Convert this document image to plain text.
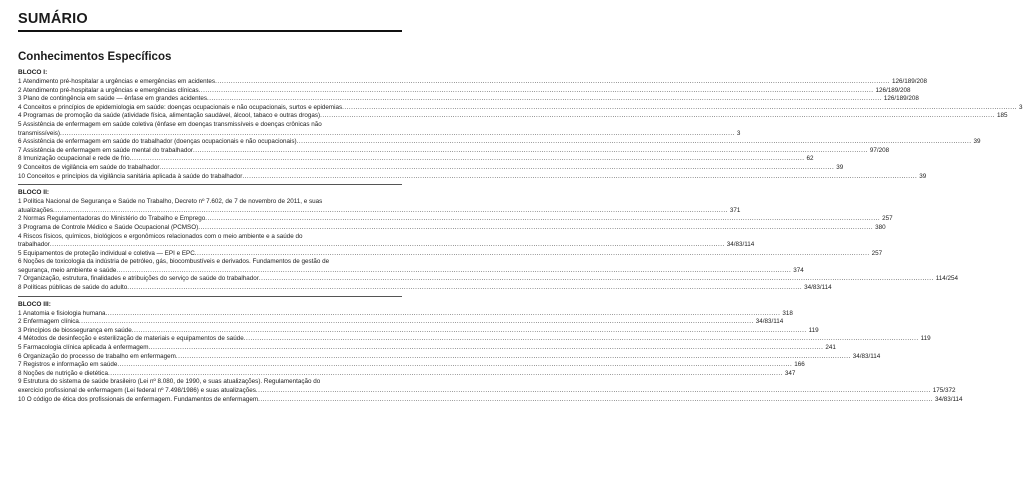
SUMÁRIO
Conhecimentos Específicos
BLOCO I:
1 Atendimento pré-hospitalar a urgências e emergências em acidentes ............................................................................................................................................................................................................................................................................................................ 126/189/208
2 Atendimento pré-hospitalar a urgências e emergências clínicas ............................................................................................................................................................................................................................................................................................................ 126/189/208
3 Plano de contingência em saúde — ênfase em grandes acidentes ............................................................................................................................................................................................................................................................................................................ 126/189/208
4 Conceitos e princípios de epidemiologia em saúde: doenças ocupacionais e não ocupacionais, surtos e epidemias ............................................................................................................................................................................................................................................................................................................ 3
4 Programas de promoção da saúde (atividade física, alimentação saudável, álcool, tabaco e outras drogas) ............................................................................................................................................................................................................................................................................................................ 185
5 Assistência de enfermagem em saúde coletiva (ênfase em doenças transmissíveis e doenças crônicas não
transmissíveis) ............................................................................................................................................................................................................................................................................................................ 3
6 Assistência de enfermagem em saúde do trabalhador (doenças ocupacionais e não ocupacionais) ............................................................................................................................................................................................................................................................................................................ 39
7 Assistência de enfermagem em saúde mental do trabalhador ............................................................................................................................................................................................................................................................................................................ 97/208
8 Imunização ocupacional e rede de frio ............................................................................................................................................................................................................................................................................................................ 62
9 Conceitos de vigilância em saúde do trabalhador ............................................................................................................................................................................................................................................................................................................ 39
10 Conceitos e princípios da vigilância sanitária aplicada à saúde do trabalhador ............................................................................................................................................................................................................................................................................................................ 39
BLOCO II:
1 Política Nacional de Segurança e Saúde no Trabalho, Decreto nº 7.602, de 7 de novembro de 2011, e suas
atualizações ............................................................................................................................................................................................................................................................................................................ 371
2 Normas Regulamentadoras do Ministério do Trabalho e Emprego ............................................................................................................................................................................................................................................................................................................ 257
3 Programa de Controle Médico e Saúde Ocupacional (PCMSO) ............................................................................................................................................................................................................................................................................................................ 380
4 Riscos físicos, químicos, biológicos e ergonômicos relacionados com o meio ambiente e a saúde do
trabalhador ............................................................................................................................................................................................................................................................................................................ 34/83/114
5 Equipamentos de proteção individual e coletiva — EPI e EPC ............................................................................................................................................................................................................................................................................................................ 257
6 Noções de toxicologia da indústria de petróleo, gás, biocombustíveis e derivados. Fundamentos de gestão de
segurança, meio ambiente e saúde ............................................................................................................................................................................................................................................................................................................ 374
7 Organização, estrutura, finalidades e atribuições do serviço de saúde do trabalhador ............................................................................................................................................................................................................................................................................................................ 114/254
8 Políticas públicas de saúde do adulto ............................................................................................................................................................................................................................................................................................................ 34/83/114
BLOCO III:
1 Anatomia e fisiologia humana ............................................................................................................................................................................................................................................................................................................ 318
2 Enfermagem clínica ............................................................................................................................................................................................................................................................................................................ 34/83/114
3 Princípios de biossegurança em saúde ............................................................................................................................................................................................................................................................................................................ 119
4 Métodos de desinfecção e esterilização de materiais e equipamentos de saúde ............................................................................................................................................................................................................................................................................................................ 119
5 Farmacologia clínica aplicada à enfermagem ............................................................................................................................................................................................................................................................................................................ 241
6 Organização do processo de trabalho em enfermagem ............................................................................................................................................................................................................................................................................................................ 34/83/114
7 Registros e informação em saúde ............................................................................................................................................................................................................................................................................................................ 166
8 Noções de nutrição e dietética ............................................................................................................................................................................................................................................................................................................ 347
9 Estrutura do sistema de saúde brasileiro (Lei nº 8.080, de 1990, e suas atualizações). Regulamentação do
exercício profissional de enfermagem (Lei federal nº 7.498/1986) e suas atualizações ............................................................................................................................................................................................................................................................................................................ 175/372
10 O código de ética dos profissionais de enfermagem. Fundamentos de enfermagem ............................................................................................................................................................................................................................................................................................................ 34/83/114
